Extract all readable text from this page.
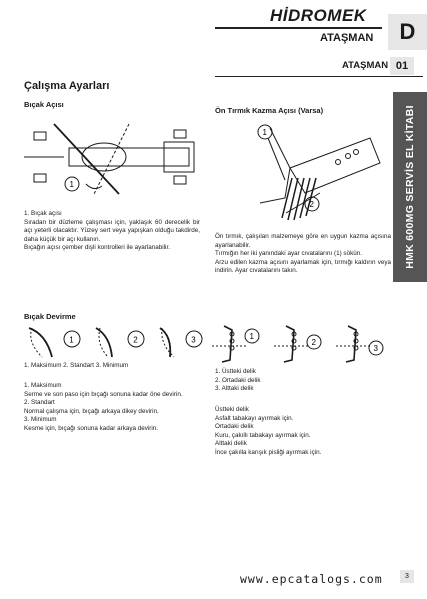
HİDROMEK
ATAŞMAN	D
ATAŞMAN 01
HMK 600MG SERVİS EL KİTABI
Çalışma Ayarları
Bıçak Açısı
1
1. Bıçak açısı
Sıradan bir düzleme çalışması için, yaklaşık 60 derecelik bir açı yeterli olacaktır. Yüzey sert veya yapışkan olduğu takdirde, daha küçük bir açı kullanın.
Bıçağın açısı çember dişli kontrolleri ile ayarlanabilir.
Ön Tırmık Kazma Açısı (Varsa)
1
2
Ön tırmık, çalışılan malzemeye göre en uygun kazma açısına ayarlanabilir.
Tırmığın her iki yanındaki ayar cıvatalarını (1) sökün.
Arzu edilen kazma açısını ayarlamak için, tırmığı kaldırın veya indirin. Ayar cıvatalarını takın.
Bıçak Devirme
1	2	3
1. Maksimum 2. Standart 3. Minimum
1. Maksimum
Serme ve son paso için bıçağı sonuna kadar öne devirin.
2. Standart
Normal çalışma için, bıçağı arkaya dikey devirin.
3. Minimum
Kesme için, bıçağı sonuna kadar arkaya devirin.
1
2
3
1. Üstteki delik
2. Ortadaki delik
3. Alttaki delik
Üstteki delik
Asfalt tabakayı ayırmak için.
Ortadaki delik
Kuru, çakıllı tabakayı ayırmak için.
Alttaki delik
İnce çakılla karışık pisliği ayırmak için.
www.epcatalogs.com	3
